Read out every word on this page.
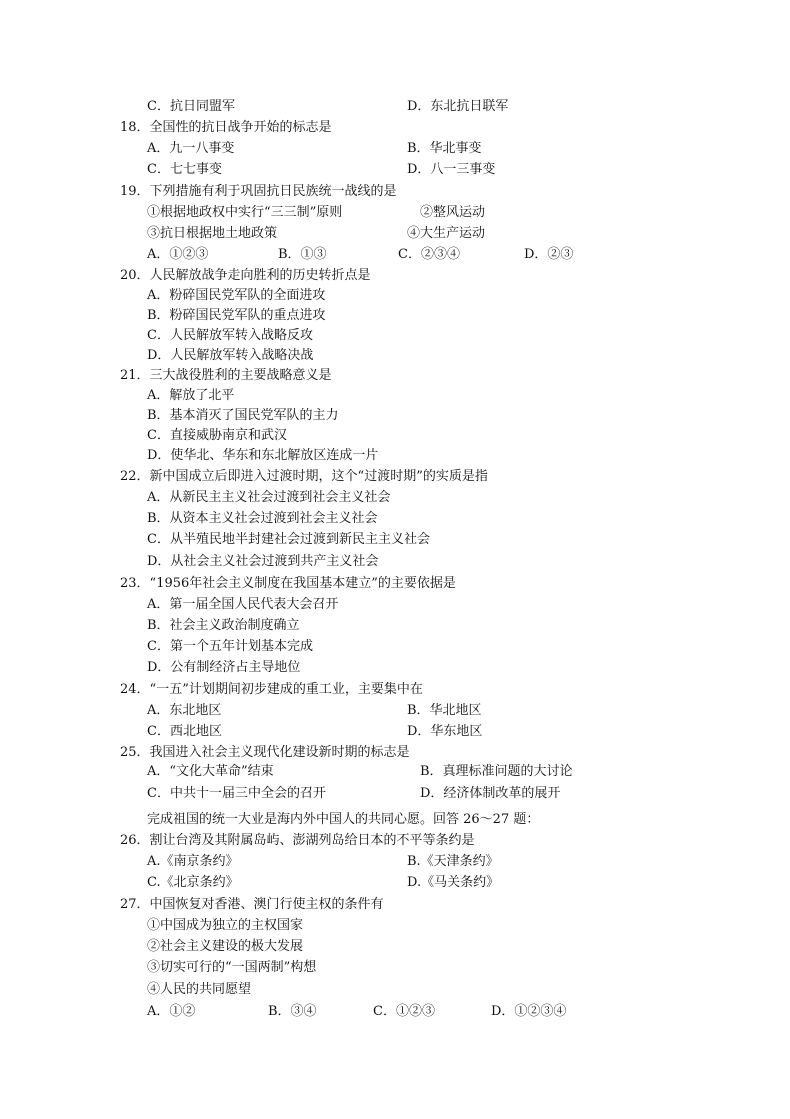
C．抗日同盟军	D．东北抗日联军
18．全国性的抗日战争开始的标志是
A．九一八事变	B．华北事变
C．七七事变	D．八一三事变
19．下列措施有利于巩固抗日民族统一战线的是
①根据地政权中实行“三三制”原则	②整风运动
③抗日根据地土地政策	④大生产运动
A．①②③	B．①③	C．②③④	D．②③
20．人民解放战争走向胜利的历史转折点是
A．粉碎国民党军队的全面进攻
B．粉碎国民党军队的重点进攻
C．人民解放军转入战略反攻
D．人民解放军转入战略决战
21．三大战役胜利的主要战略意义是
A．解放了北平
B．基本消灭了国民党军队的主力
C．直接威胁南京和武汉
D．使华北、华东和东北解放区连成一片
22．新中国成立后即进入过渡时期，这个“过渡时期”的实质是指
A．从新民主主义社会过渡到社会主义社会
B．从资本主义社会过渡到社会主义社会
C．从半殖民地半封建社会过渡到新民主主义社会
D．从社会主义社会过渡到共产主义社会
23．“1956年社会主义制度在我国基本建立”的主要依据是
A．第一届全国人民代表大会召开
B．社会主义政治制度确立
C．第一个五年计划基本完成
D．公有制经济占主导地位
24．“一五”计划期间初步建成的重工业，主要集中在
A．东北地区	B．华北地区
C．西北地区	D．华东地区
25．我国进入社会主义现代化建设新时期的标志是
A．“文化大革命”结束	B．真理标准问题的大讨论
C．中共十一届三中全会的召开	D．经济体制改革的展开
完成祖国的统一大业是海内外中国人的共同心愿。回答 26～27 题：
26．割让台湾及其附属岛屿、澎湖列岛给日本的不平等条约是
A.《南京条约》	B.《天津条约》
C.《北京条约》	D.《马关条约》
27．中国恢复对香港、澳门行使主权的条件有
①中国成为独立的主权国家
②社会主义建设的极大发展
③切实可行的“一国两制”构想
④人民的共同愿望
A．①②	B．③④	C．①②③	D．①②③④
